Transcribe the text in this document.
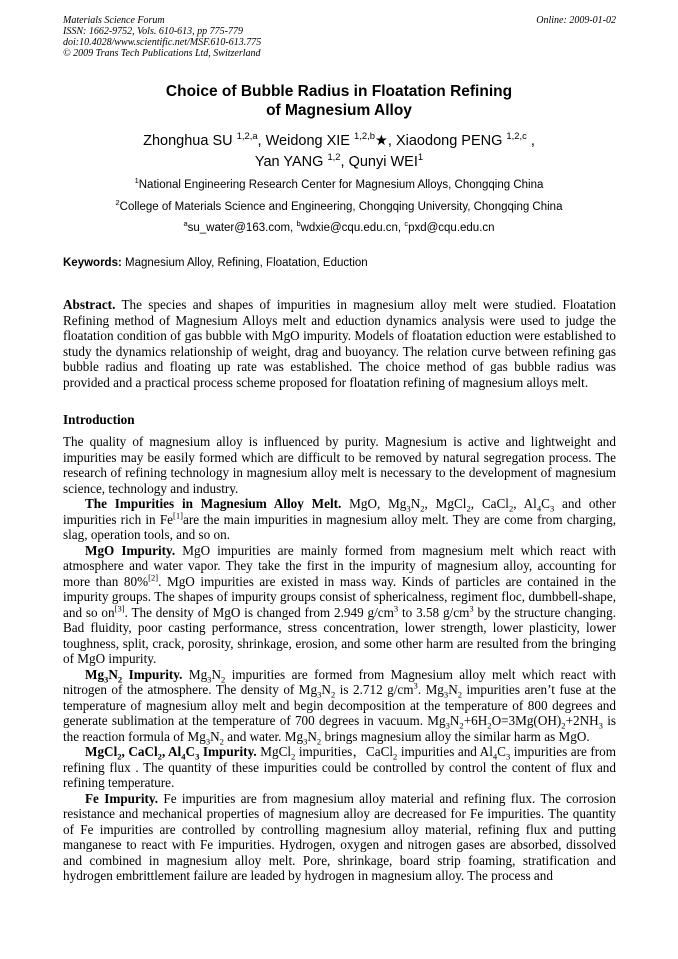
Materials Science Forum
ISSN: 1662-9752, Vols. 610-613, pp 775-779
doi:10.4028/www.scientific.net/MSF.610-613.775
© 2009 Trans Tech Publications Ltd, Switzerland
Online: 2009-01-02
Choice of Bubble Radius in Floatation Refining
of Magnesium Alloy
Zhonghua SU $^{1,2,a}$, Weidong XIE $^{1,2,b}$★, Xiaodong PENG $^{1,2,c}$ ,
Yan YANG $^{1,2}$, Qunyi WEI$^1$
$^1$National Engineering Research Center for Magnesium Alloys, Chongqing China
$^2$College of Materials Science and Engineering, Chongqing University, Chongqing China
$^a$su_water@163.com, $^b$wdxie@cqu.edu.cn, $^c$pxd@cqu.edu.cn
Keywords: Magnesium Alloy, Refining, Floatation, Eduction
Abstract. The species and shapes of impurities in magnesium alloy melt were studied. Floatation Refining method of Magnesium Alloys melt and eduction dynamics analysis were used to judge the floatation condition of gas bubble with MgO impurity. Models of floatation eduction were established to study the dynamics relationship of weight, drag and buoyancy. The relation curve between refining gas bubble radius and floating up rate was established. The choice method of gas bubble radius was provided and a practical process scheme proposed for floatation refining of magnesium alloys melt.
Introduction

The quality of magnesium alloy is influenced by purity. Magnesium is active and lightweight and impurities may be easily formed which are difficult to be removed by natural segregation process. The research of refining technology in magnesium alloy melt is necessary to the development of magnesium science, technology and industry.

The Impurities in Magnesium Alloy Melt. MgO, $Mg_3N_2$, MgCl$_2$, CaCl$_2$, $Al_4C_3$ and other impurities rich in Fe[1]are the main impurities in magnesium alloy melt. They are come from charging, slag, operation tools, and so on.

MgO Impurity. MgO impurities are mainly formed from magnesium melt which react with atmosphere and water vapor. They take the first in the impurity of magnesium alloy, accounting for more than 80%[2]. MgO impurities are existed in mass way. Kinds of particles are contained in the impurity groups. The shapes of impurity groups consist of sphericalness, regiment floc, dumbbell-shape, and so on[3]. The density of MgO is changed from 2.949 $g/cm^3$ to 3.58 $g/cm^3$ by the structure changing. Bad fluidity, poor casting performance, stress concentration, lower strength, lower plasticity, lower toughness, split, crack, porosity, shrinkage, erosion, and some other harm are resulted from the bringing of MgO impurity.

$Mg_3N_2$ Impurity. $Mg_3N_2$ impurities are formed from Magnesium alloy melt which react with nitrogen of the atmosphere. The density of $Mg_3N_2$ is 2.712 $g/cm^3$. $Mg_3N_2$ impurities aren’t fuse at the temperature of magnesium alloy melt and begin decomposition at the temperature of 800 degrees and generate sublimation at the temperature of 700 degrees in vacuum. $Mg_3N_2+6H_2O=3Mg(OH)_2+2NH_3$ is the reaction formula of $Mg_3N_2$ and water. $Mg_3N_2$ brings magnesium alloy the similar harm as MgO.

MgCl$_2$, CaCl$_2$, $Al_4C_3$ Impurity. MgCl$_2$ impurities，CaCl$_2$ impurities and $Al_4C_3$ impurities are from refining flux . The quantity of these impurities could be controlled by control the content of flux and refining temperature.

Fe Impurity. Fe impurities are from magnesium alloy material and refining flux. The corrosion resistance and mechanical properties of magnesium alloy are decreased for Fe impurities. The quantity of Fe impurities are controlled by controlling magnesium alloy material, refining flux and putting manganese to react with Fe impurities. Hydrogen, oxygen and nitrogen gases are absorbed, dissolved and combined in magnesium alloy melt. Pore, shrinkage, board strip foaming, stratification and hydrogen embrittlement failure are leaded by hydrogen in magnesium alloy. The process and
